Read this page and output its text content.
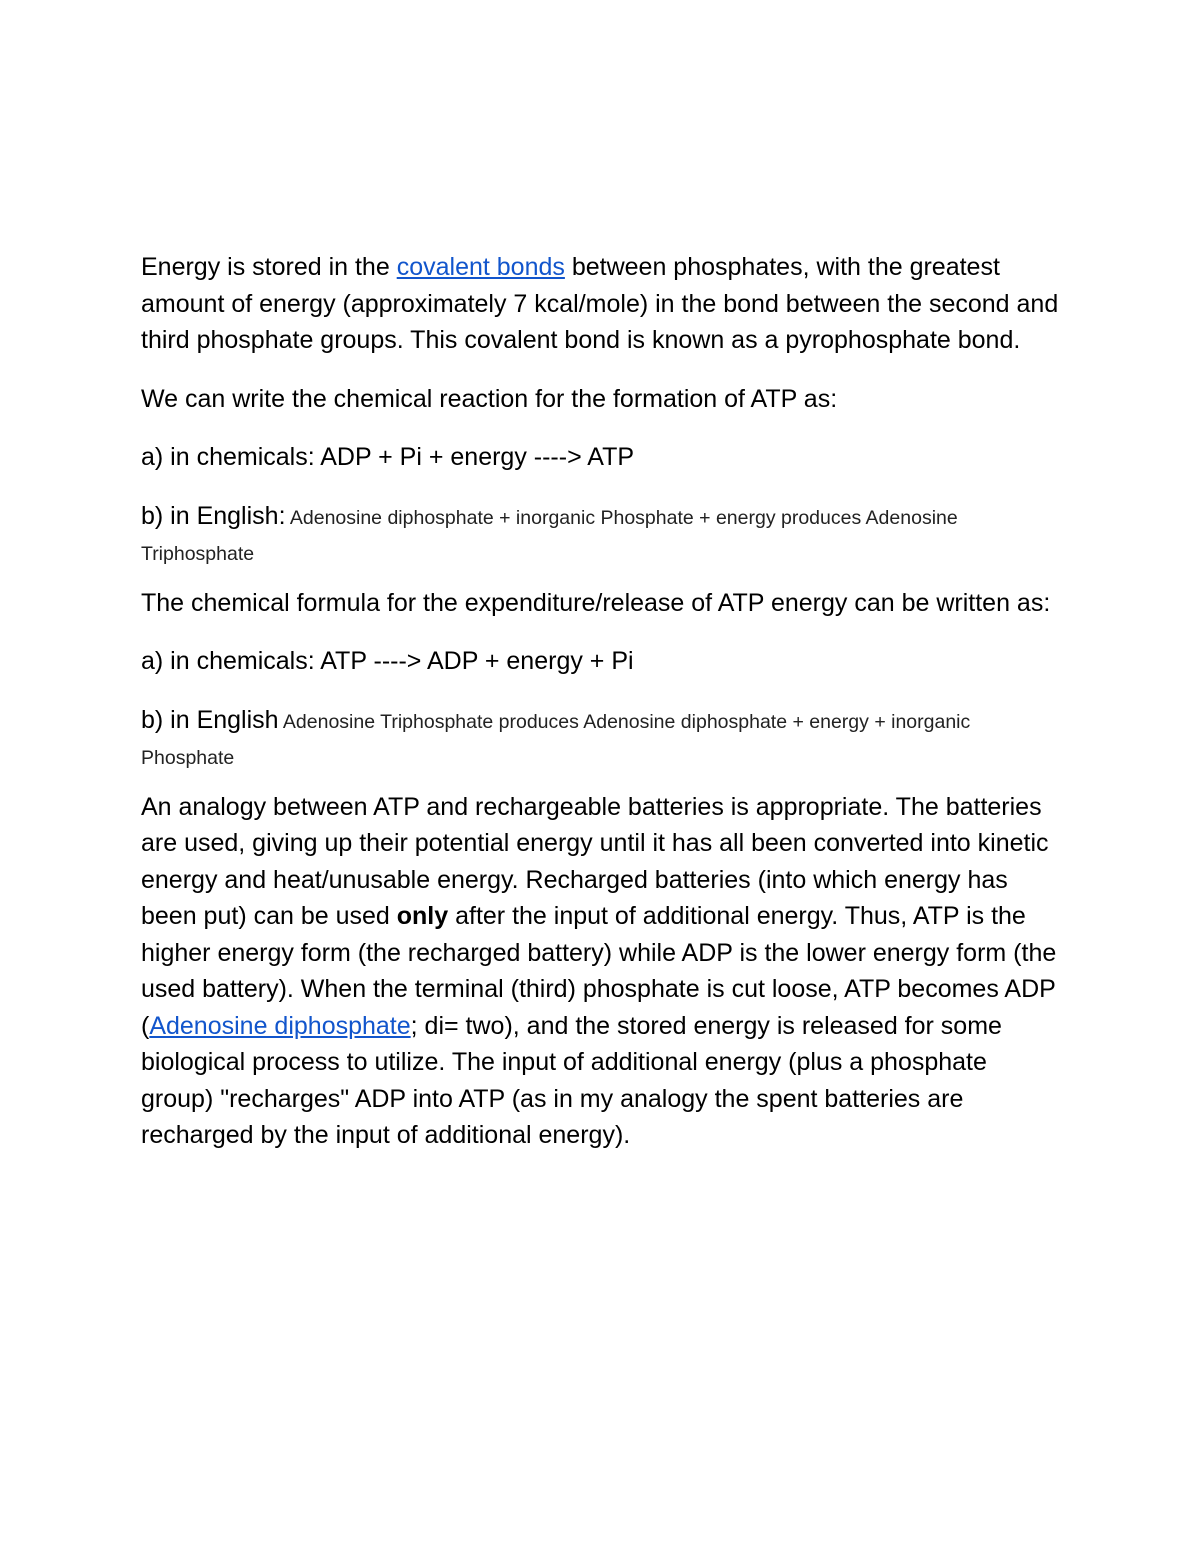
Energy is stored in the covalent bonds between phosphates, with the greatest amount of energy (approximately 7 kcal/mole) in the bond between the second and third phosphate groups. This covalent bond is known as a pyrophosphate bond.

We can write the chemical reaction for the formation of ATP as:

a) in chemicals: ADP + Pi + energy ----> ATP

b) in English: Adenosine diphosphate + inorganic Phosphate + energy produces Adenosine Triphosphate

The chemical formula for the expenditure/release of ATP energy can be written as:

a) in chemicals: ATP ----> ADP + energy + Pi

b) in English Adenosine Triphosphate produces Adenosine diphosphate + energy + inorganic Phosphate

An analogy between ATP and rechargeable batteries is appropriate. The batteries are used, giving up their potential energy until it has all been converted into kinetic energy and heat/unusable energy. Recharged batteries (into which energy has been put) can be used only after the input of additional energy. Thus, ATP is the higher energy form (the recharged battery) while ADP is the lower energy form (the used battery). When the terminal (third) phosphate is cut loose, ATP becomes ADP (Adenosine diphosphate; di= two), and the stored energy is released for some biological process to utilize. The input of additional energy (plus a phosphate group) "recharges" ADP into ATP (as in my analogy the spent batteries are recharged by the input of additional energy).
